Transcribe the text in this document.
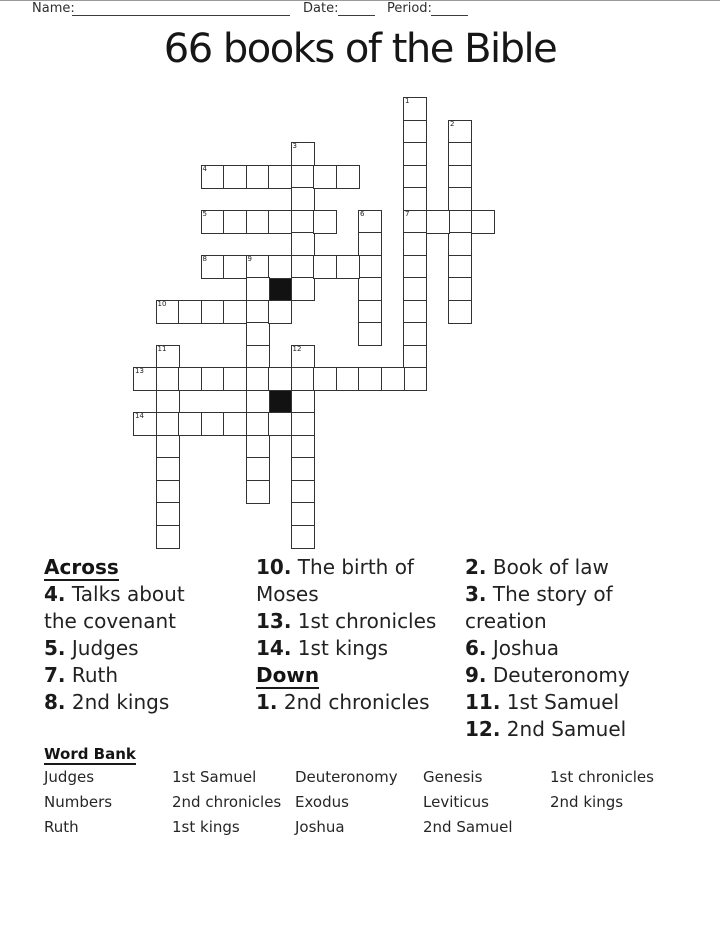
Name:	Date:	Period:
66 books of the Bible
1
7
2
3
4
5	6
8	9
10
11	12
13
14
Across
4. Talks about the covenant
5. Judges
7. Ruth
8. 2nd kings
10. The birth of Moses
13. 1st chronicles
14. 1st kings
Down
1. 2nd chronicles
2. Book of law
3. The story of creation
6. Joshua
9. Deuteronomy
11. 1st Samuel
12. 2nd Samuel
Word Bank
Judges
Numbers
Ruth
1st Samuel
2nd chronicles
1st kings
Deuteronomy
Exodus
Joshua
Genesis
Leviticus
2nd Samuel
1st chronicles
2nd kings
